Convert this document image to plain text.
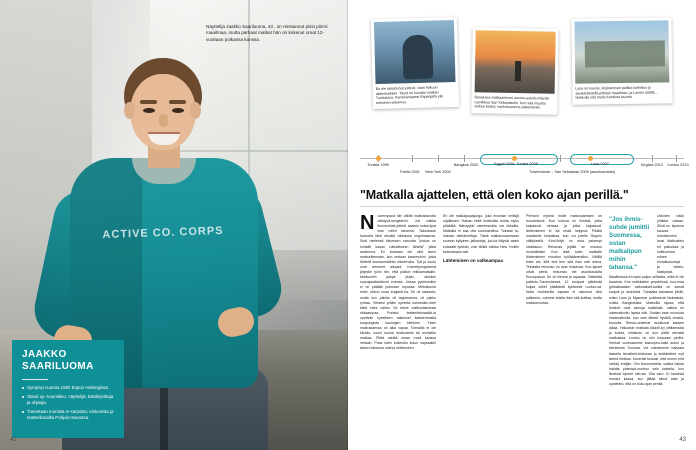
ACTIVE CO. CORPS
Näyttelijä Jaakko Saariluoma, 43 , on reissannut pisin piirroi maailmaa, mutta parhaat matkat hän on kokenut omat 12-vuotiaan poikansa kanssa.
JAAKKO
SAARILUOMA
Syntynyt vuonna 1982 Espoo Helsingissä.
Stand up -koomikko, näyttelijä, käsikirjoittaja ja ohjaaja.
Tunnetaan monista tv-sarjoista, elokuvista ja teatterilavoilta Pohjois-Savossa.
42
En ole rakastunut ystävä, vaan hakuun akkmitsekkiin. Tämä on kuvattu matkan Tunisiassa, Kanariansaaret Espanjalla ylin erikoinen kokemus.
Banaksea matkaaminen asento-autolla Atlantin rannikkoa San Sebastianiin. Kun sää muuttui seikoa kaatoi, kaukokuvanne pakenehaki.
Laos on kaunis, köyhäminen paikka kadottuu ja savikärähdellä pidetyn maailman, ja Laosin päällä... Hakkuila sää myös luonikoa asuma.
Tunisia 1999
Pariisi 2001	New York 2000
Bangkok 2002	Egypti 2006, Tunisia 2006	Laos 2007
Travemünde – San Sebastian 2009 (asuntoautolla)
Kirgisia 2012	Lontoo 2013
"Matkalla ajattelen, että olen koko ajan perillä."
N uorempana olin välillä matkustanutta väistyvä-sesgelmiin. Jos vaikka ihonmuhale juttelit, saatoin ostaa lipat ihan mihin tahansa. Taloustaan kanvoita lähti otsokki rahkassa ongelmaansa. Sinä mielessä kiluessen sarootta "joskus on motsitti kauan nähdäkseen lähellä" pitkä aselemna. En koskaan ole ollut isovn matkuritiemaan, kun vertaan kaveeruhini, jotka lähtivät kuukaumäärän elkeemalla. Tyä ja koulu ovat vienneet aikaani. Kolmekymppisenä järjestin työni niin, että pääsin reikkamatkalle, klubkumiin pakpir ykato, otsinkin sopusjarakkekinnit enimaa. Joissa pyörimisikin ei oli pääätä puheaan ropussa. Mekoikoma entin, etäcin onaa englanti-ha, Se oli raskasta, mutta kun päivän oli tappimanea, oli pakko ryhtaa. Viimeisi yritäin opetella kolmeakin-deei kielä edes vähän. Se tekee matkustaimesta rikkaampaa. Portaisi teatteriteknaakki-la opettelin kysellisen aakkoset kaikkemmalla kaupungista kauluigen kiehtomi. Yksin matkustaessa on aika vapaa. Toimailla ei ole kiirääs, koosi kuuna keskustella tai muistella matkaa. Pitää mirtää omaa runoi kanssa neitaan. Paus tulee kuitenkin kulun napsaakin taston tulkanna uniesa mielesseen.
En ole maikajaupajunga, joka ensinain veitsijä urjallinsen. Halusn lieitä kulttorista mutta myös pääktää, tätenyykki vaeremmalla var rikkailla. Matkalla ei saa olla suortuantiina. Toinaali tu-hakaan aktirämettaja. Tästä maikasnuseesaan suurein kyllyinen jalkaninja, jos-ka liittyvät aseni eulasatti tyrkkiin; voin lähtiä vaikka New Yorkiin kahmvisaan asti.
Lähteminen on valkeampaa
Perhonn myöhä mulle matkustamisen on muodotanut. Kun kotona on ihmisiä, jotka kaipaavat nensaa ja jotka kaipaavat, lähtemienen ei ole enää helppoa. Pikkilä maaliselle kelpaikaa, kun voi jotella Skypen välityksellä. Kirsi-lkilyti on aina pahempi otakkauuv. Reissuss jejällä se muutuu mudottirakki. Kun ikää tulee, matkalle lähtemienen muuttuu työlääämmäksi. Välilllä tulee ole, että ehä ken ottä ihan vain ketoa. Teinaalta reisunsu on aina mukavaa. Kun lapset olivat pienä, reisunsto me asuntoautolla Euroopassa. Se oli hienoa ja vapaata. Väistelää paitsois-Travemüessä, 12 tuntyvat pitkämää kuijaa olleet pitkälästä kyukkesti Lontoo-sa. Nolla muikkerilla vapaan ei ostunuut ollut paikeeris; voimme telalla ihan nitä kuittaa, mutta maksumuotaa.
"Jos ihmis- suhde jumittii Suomessa, ostan matkalipun mihin tahansa."
Uskoten näkö yhtäisa ostaan. Siinä on lapsena kauvaa intruistuneiin lausi. Matkustelu eri paikoissa ja kulttuurissa ednee ennakkoluuloja ja väärin-käsityksiä. Maailmassa ei myös paljon sellaista, mikä ei ole kauvista. Kun maikkailee ympäriinsä, huo-maa globalisaation vaikutukset-kaikla on samat kaupat ja ravintolat. Tuinaalta Aasiassa ylhäti, miten Laos ja Myanmar poikkeavat läsimaista-noista Bangkokista. Matkoilla lujuaa, että ihminet ovat samoja kaikkialla, vaikka ne lukemaltuvitu lapsia eläi. Suatan taas nuoruuta rinkkmatkoilla, kun vain lähteä hyvällä omalla-tuonolla. Reissu-unelmat muuttuvat kadsen aikaa. Haluaisin matkata Atlanti-tyi ylittiaeradia ja kokea, millainen on kun pitää olematii matkustaa, Lontoo on niin tuupaani perilla. Kertoat vuokraamme kaavopeu-kaila auton ja kiersimme Tuuniaa. Voi nukotemme hahaast laskella henkiteet-telvissaa ja twitstetetee myt tärreä hietkaa. Kaveritsi tuskasi, että ennen ehä rahkäj. eräijän. Olin ilvuommainis, vaikka haluta halutta pidentyä-muntuu vain katsella, kun ilmeisat lopeuti olet-sis. Olla varó. Ei kaveista muusui kaasa, kun jättää sittuä asiki ja upatteleo, että on koko ajan perillä.
43
